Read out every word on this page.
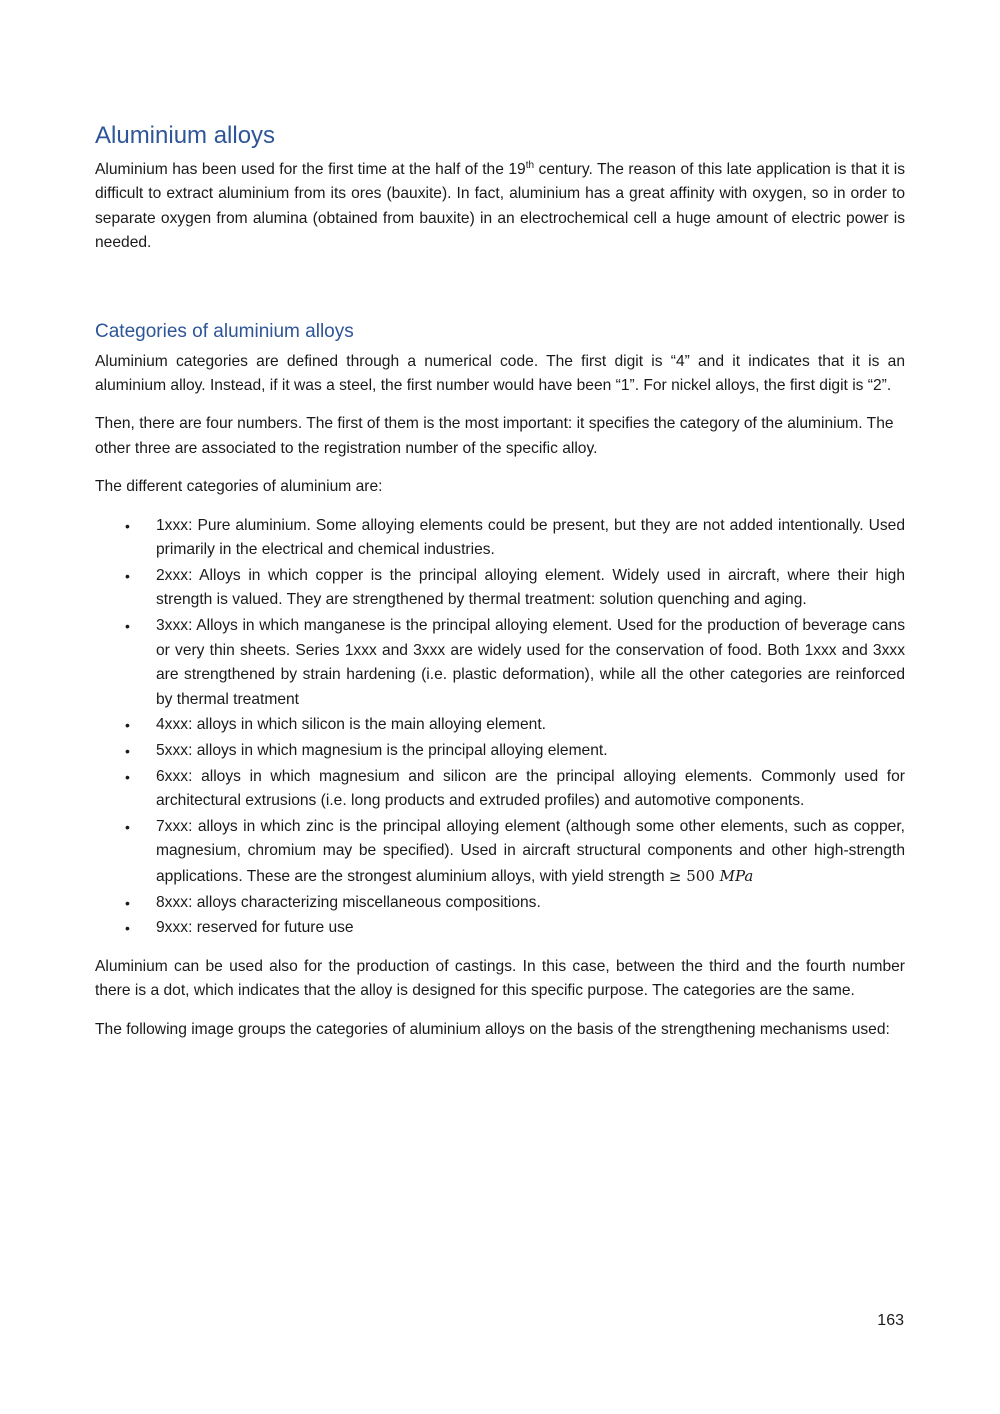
Aluminium alloys

Aluminium has been used for the first time at the half of the 19th century. The reason of this late application is that it is difficult to extract aluminium from its ores (bauxite). In fact, aluminium has a great affinity with oxygen, so in order to separate oxygen from alumina (obtained from bauxite) in an electrochemical cell a huge amount of electric power is needed.

Categories of aluminium alloys

Aluminium categories are defined through a numerical code. The first digit is “4” and it indicates that it is an aluminium alloy. Instead, if it was a steel, the first number would have been “1”. For nickel alloys, the first digit is “2”.

Then, there are four numbers. The first of them is the most important: it specifies the category of the aluminium. The other three are associated to the registration number of the specific alloy.

The different categories of aluminium are:

• 1xxx: Pure aluminium. Some alloying elements could be present, but they are not added intentionally. Used primarily in the electrical and chemical industries.
• 2xxx: Alloys in which copper is the principal alloying element. Widely used in aircraft, where their high strength is valued. They are strengthened by thermal treatment: solution quenching and aging.
• 3xxx: Alloys in which manganese is the principal alloying element. Used for the production of beverage cans or very thin sheets. Series 1xxx and 3xxx are widely used for the conservation of food. Both 1xxx and 3xxx are strengthened by strain hardening (i.e. plastic deformation), while all the other categories are reinforced by thermal treatment
• 4xxx: alloys in which silicon is the main alloying element.
• 5xxx: alloys in which magnesium is the principal alloying element.
• 6xxx: alloys in which magnesium and silicon are the principal alloying elements. Commonly used for architectural extrusions (i.e. long products and extruded profiles) and automotive components.
• 7xxx: alloys in which zinc is the principal alloying element (although some other elements, such as copper, magnesium, chromium may be specified). Used in aircraft structural components and other high-strength applications. These are the strongest aluminium alloys, with yield strength ≥ 500 MPa
• 8xxx: alloys characterizing miscellaneous compositions.
• 9xxx: reserved for future use

Aluminium can be used also for the production of castings. In this case, between the third and the fourth number there is a dot, which indicates that the alloy is designed for this specific purpose. The categories are the same.

The following image groups the categories of aluminium alloys on the basis of the strengthening mechanisms used:

163
